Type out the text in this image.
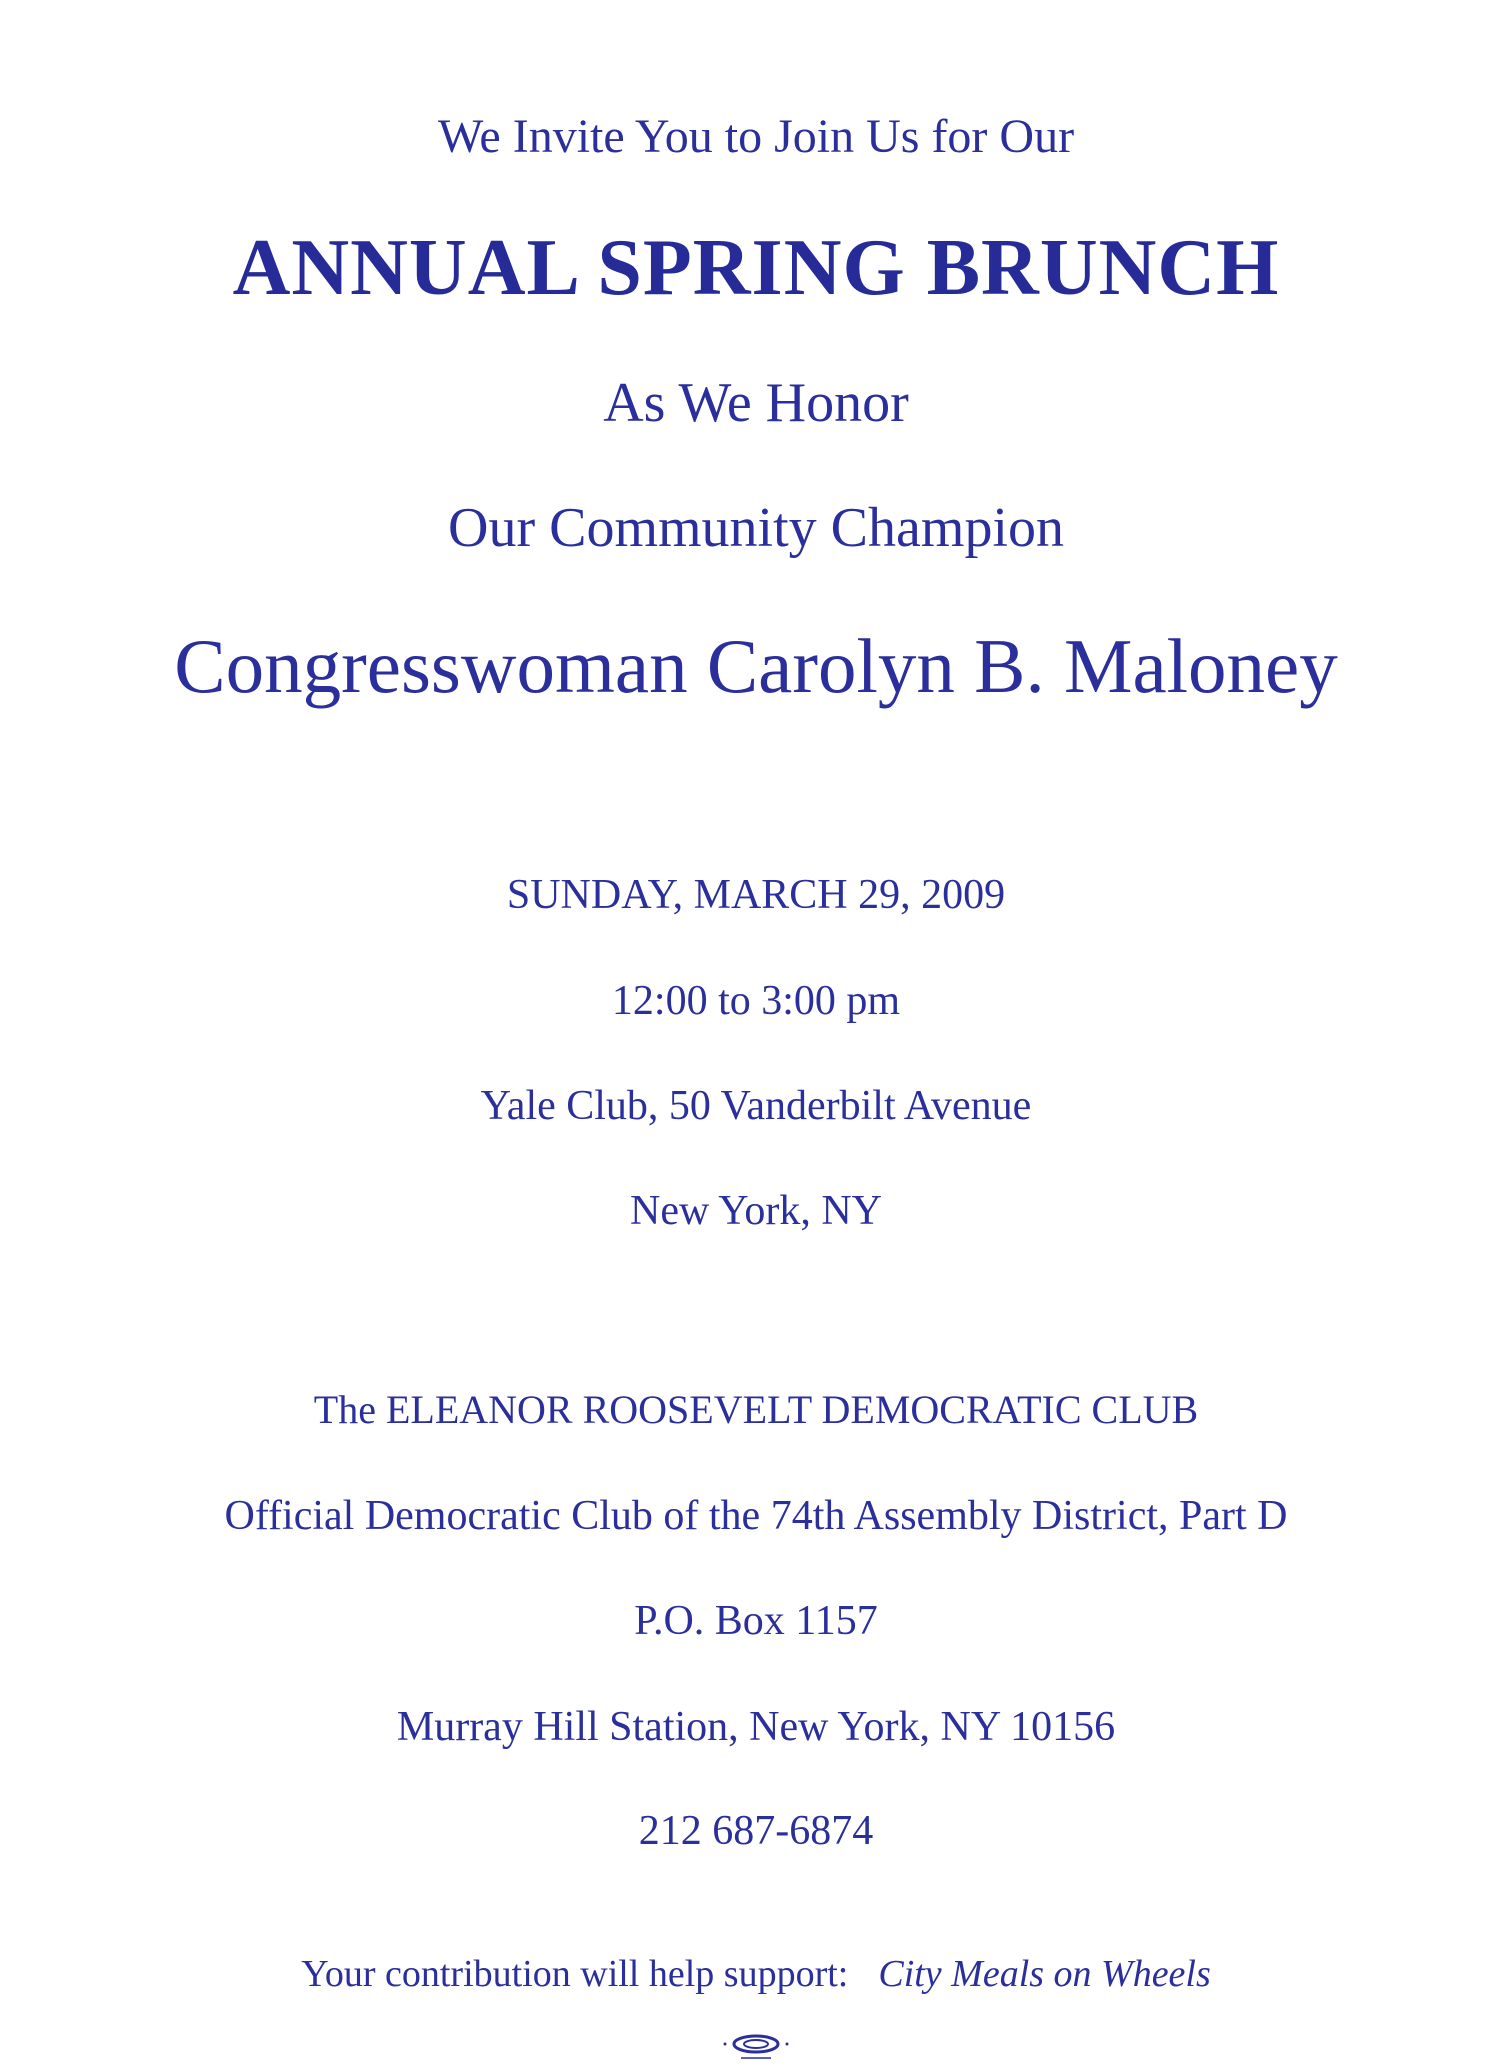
We Invite You to Join Us for Our
ANNUAL SPRING BRUNCH
As We Honor
Our Community Champion
Congresswoman Carolyn B. Maloney
SUNDAY, MARCH 29, 2009
12:00 to 3:00 pm
Yale Club, 50 Vanderbilt Avenue
New York, NY
The ELEANOR ROOSEVELT DEMOCRATIC CLUB
Official Democratic Club of the 74th Assembly District, Part D
P.O. Box 1157
Murray Hill Station, New York, NY 10156
212 687-6874
Your contribution will help support: City Meals on Wheels
